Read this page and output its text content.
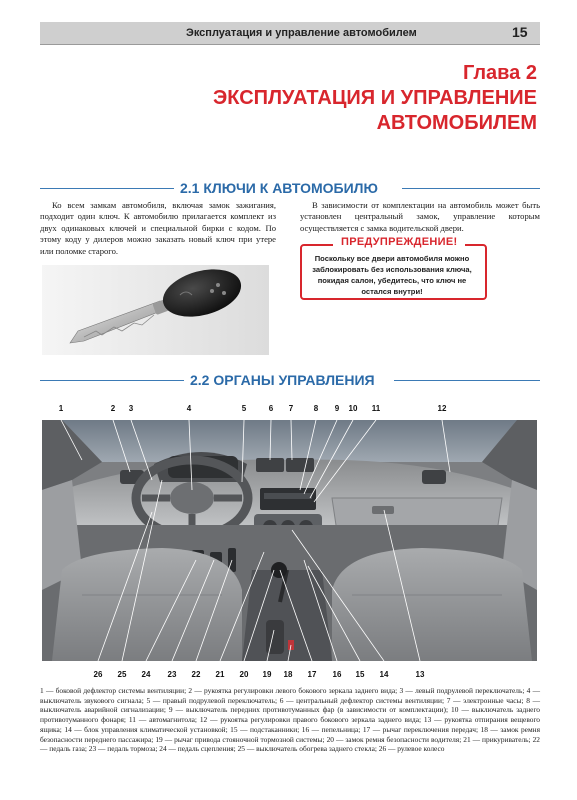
Эксплуатация и управление автомобилем	15
Глава 2
ЭКСПЛУАТАЦИЯ И УПРАВЛЕНИЕ
АВТОМОБИЛЕМ
2.1 КЛЮЧИ К АВТОМОБИЛЮ
Ко всем замкам автомобиля, включая замок зажигания, подходит один ключ. К автомобилю прилагается комплект из двух одинаковых ключей и специальной бирки с кодом. По этому коду у дилеров можно заказать новый ключ при утере или поломке старого.
В зависимости от комплектации на автомобиль может быть установлен центральный замок, управление которым осуществляется с замка водительской двери.
ПРЕДУПРЕЖДЕНИЕ!
Поскольку все двери автомобиля можно заблокировать без использования ключа, покидая салон, убедитесь, что ключ не остался внутри!
2.2 ОРГАНЫ УПРАВЛЕНИЯ
1	2	3	4	5	6	7	8	9	10	11	12
26	25	24	23	22	21	20	19	18	17	16	15	14	13
1 — боковой дефлектор системы вентиляции; 2 — рукоятка регулировки левого бокового зеркала заднего вида; 3 — левый подрулевой переключатель; 4 — выключатель звукового сигнала; 5 — правый подрулевой переключатель; 6 — центральный дефлектор системы вентиляции; 7 — электронные часы; 8 — выключатель аварийной сигнализации; 9 — выключатель передних противотуманных фар (в зависимости от комплектации); 10 — выключатель заднего противотуманного фонаря; 11 — автомагнитола; 12 — рукоятка регулировки правого бокового зеркала заднего вида; 13 — рукоятка отпирания вещевого ящика; 14 — блок управления климатической установкой; 15 — подстаканники; 16 — пепельница; 17 — рычаг переключения передач; 18 — замок ремня безопасности переднего пассажира; 19 — рычаг привода стояночной тормозной системы; 20 — замок ремня безопасности водителя; 21 — прикуриватель; 22 — педаль газа; 23 — педаль тормоза; 24 — педаль сцепления; 25 — выключатель обогрева заднего стекла; 26 — рулевое колесо
